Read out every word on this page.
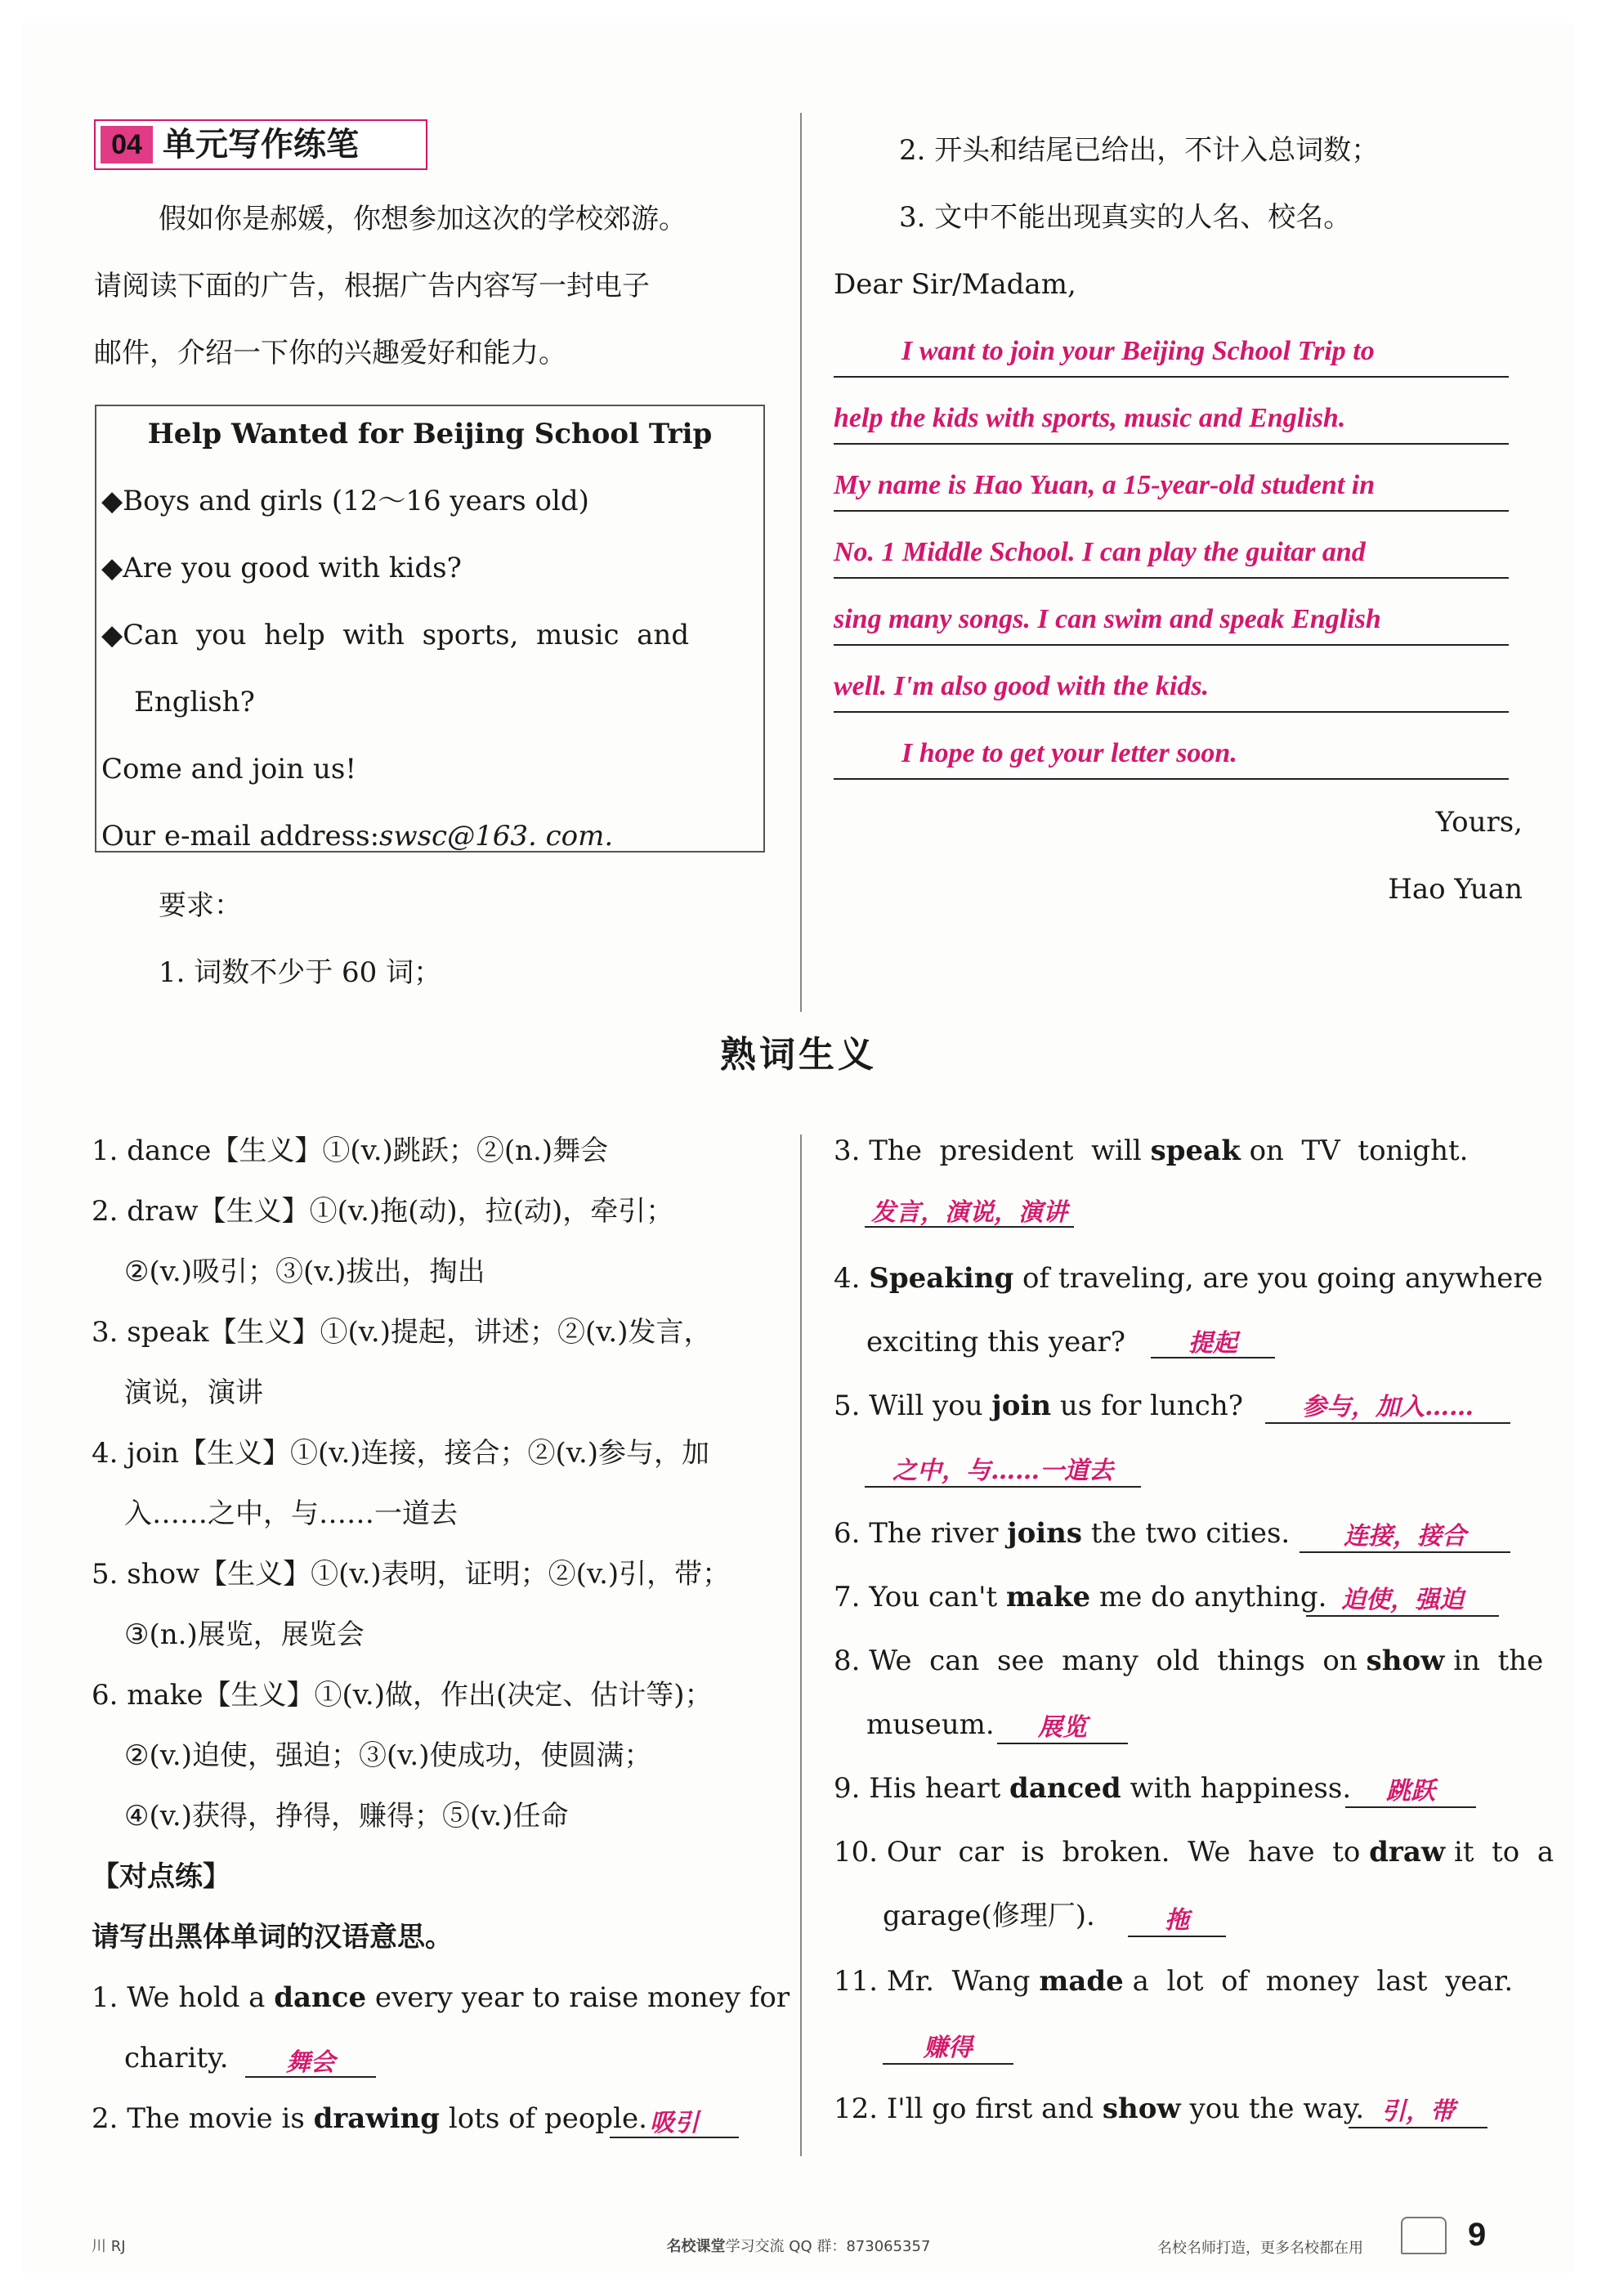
04 单元写作练笔
假如你是郝媛，你想参加这次的学校郊游。
请阅读下面的广告，根据广告内容写一封电子
邮件，介绍一下你的兴趣爱好和能力。
Help Wanted for Beijing School Trip
◆Boys and girls (12～16 years old)
◆Are you good with kids?
◆Can  you  help  with  sports,  music  and
English?
Come and join us!
Our e-mail address:swsc@163. com.
要求：
1. 词数不少于 60 词；
2. 开头和结尾已给出，不计入总词数；
3. 文中不能出现真实的人名、校名。
Dear Sir/Madam,
I want to join your Beijing School Trip to
help the kids with sports, music and English.
My name is Hao Yuan, a 15-year-old student in
No. 1 Middle School. I can play the guitar and
sing many songs. I can swim and speak English
well. I'm also good with the kids.
I hope to get your letter soon.
Yours,
Hao Yuan
熟词生义
1. dance【生义】①(v.)跳跃；②(n.)舞会
2. draw【生义】①(v.)拖(动)，拉(动)，牵引；
②(v.)吸引；③(v.)拔出，掏出
3. speak【生义】①(v.)提起，讲述；②(v.)发言，
演说，演讲
4. join【生义】①(v.)连接，接合；②(v.)参与，加
入……之中，与……一道去
5. show【生义】①(v.)表明，证明；②(v.)引，带；
③(n.)展览，展览会
6. make【生义】①(v.)做，作出(决定、估计等)；
②(v.)迫使，强迫；③(v.)使成功，使圆满；
④(v.)获得，挣得，赚得；⑤(v.)任命
【对点练】
请写出黑体单词的汉语意思。
1. We hold a dance every year to raise money for
charity.	舞会
2. The movie is drawing lots of people. 吸引
3. The  president  will speak on  TV  tonight.
发言，演说，演讲
4. Speaking of traveling, are you going anywhere
exciting this year?	提起
5. Will you join us for lunch?	参与，加入……
之中，与……一道去
6. The river joins the two cities.	连接，接合
7. You can't make me do anything. 迫使，强迫
8. We  can  see  many  old  things  on show in  the
museum.	展览
9. His heart danced with happiness.	跳跃
10. Our  car  is  broken.  We  have  to draw it  to  a
garage(修理厂).	拖
11. Mr.  Wang made a  lot  of  money  last  year.
赚得
12. I'll go first and show you the way. 引，带
川 RJ	名校课堂学习交流 QQ 群：873065357	名校名师打造，更多名校都在用	9
